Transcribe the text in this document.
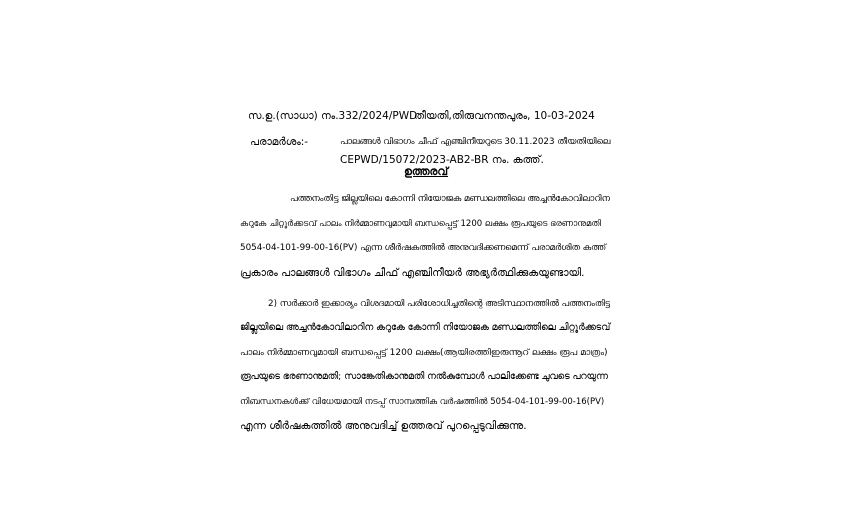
സ.ഉ.(സാധാ) നം.332/2024/PWD
തീയതി,തിരുവനന്തപുരം, 10-03-2024
പരാമർശം:-	പാലങ്ങൾ വിഭാഗം ചീഫ് എഞ്ചിനീയറുടെ 30.11.2023 തീയതിയിലെ
CEPWD/15072/2023-AB2-BR നം. കത്ത്.
ഉത്തരവ്
പത്തനംതിട്ട ജില്ലയിലെ കോന്നി നിയോജക മണ്ഡലത്തിലെ അച്ചൻകോവിലാറിന
കറുകേ ചിറ്റൂർക്കടവ് പാലം നിർമ്മാണവുമായി ബന്ധപ്പെട്ട് 1200 ലക്ഷം രൂപയുടെ ഭരണാനുമതി
5054-04-101-99-00-16(PV) എന്ന ശീർഷകത്തിൽ അനുവദിക്കണമെന്ന് പരാമർശിത കത്ത്
പ്രകാരം പാലങ്ങൾ വിഭാഗം ചീഫ് എഞ്ചിനീയർ അഭ്യർത്ഥിക്കുകയുണ്ടായി.
2) സർക്കാർ ഇക്കാര്യം വിശദമായി പരിശോധിച്ചതിന്റെ അടിസ്ഥാനത്തിൽ പത്തനംതിട്ട
ജില്ലയിലെ അച്ചൻകോവിലാറിന കറുകേ കോന്നി നിയോജക മണ്ഡലത്തിലെ ചിറ്റൂർക്കടവ്
പാലം നിർമ്മാണവുമായി ബന്ധപ്പെട്ട് 1200 ലക്ഷം(ആയിരത്തിഇരുന്നൂറ് ലക്ഷം രൂപ മാത്രം)
രൂപയുടെ ഭരണാനുമതി; സാങ്കേതികാനുമതി നൽകുമ്പോൾ പാലിക്കേണ്ട ചുവടെ പറയുന്ന
നിബന്ധനകൾക്ക് വിധേയമായി നടപ്പ് സാമ്പത്തിക വർഷത്തിൽ 5054-04-101-99-00-16(PV)
എന്ന ശീർഷകത്തിൽ അനുവദിച്ച് ഉത്തരവ് പുറപ്പെടുവിക്കുന്നു.
